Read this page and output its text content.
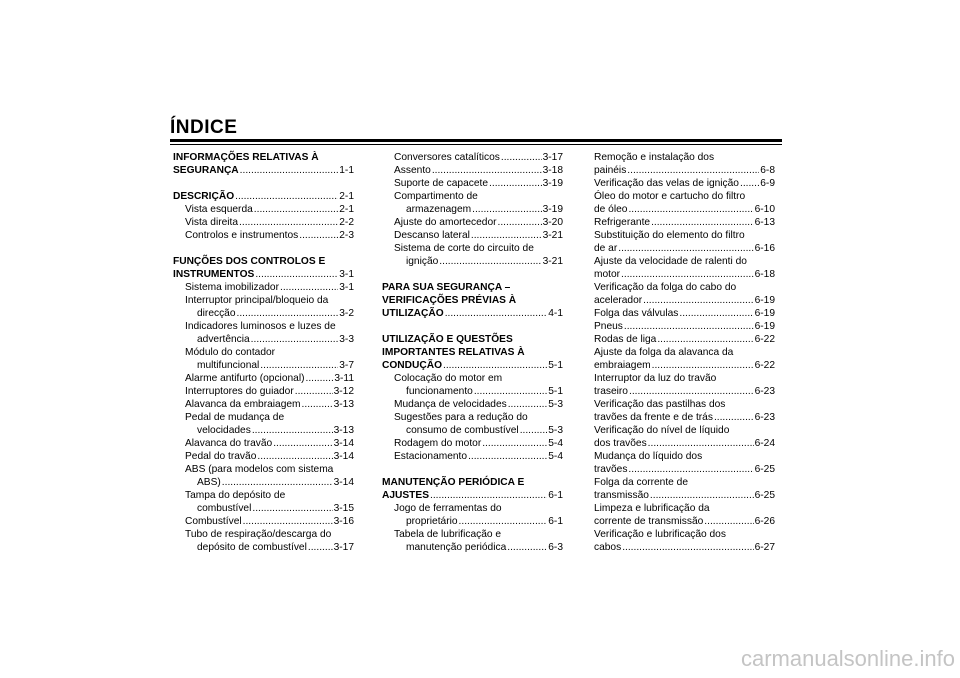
ÍNDICE
INFORMAÇÕES RELATIVAS À
SEGURANÇA .....	1-1
DESCRIÇÃO .....	2-1
Vista esquerda .....	2-1
Vista direita .....	2-2
Controlos e instrumentos .....	2-3
FUNÇÕES DOS CONTROLOS E
INSTRUMENTOS .....	3-1
Sistema imobilizador .....	3-1
Interruptor principal/bloqueio da
direcção .....	3-2
Indicadores luminosos e luzes de
advertência .....	3-3
Módulo do contador
multifuncional .....	3-7
Alarme antifurto (opcional) .....	3-11
Interruptores do guiador .....	3-12
Alavanca da embraiagem .....	3-13
Pedal de mudança de
velocidades .....	3-13
Alavanca do travão .....	3-14
Pedal do travão .....	3-14
ABS (para modelos com sistema
ABS) .....	3-14
Tampa do depósito de
combustível .....	3-15
Combustível .....	3-16
Tubo de respiração/descarga do
depósito de combustível .....	3-17
Conversores catalíticos .....	3-17
Assento .....	3-18
Suporte de capacete .....	3-19
Compartimento de
armazenagem .....	3-19
Ajuste do amortecedor .....	3-20
Descanso lateral .....	3-21
Sistema de corte do circuito de
ignição .....	3-21
PARA SUA SEGURANÇA –
VERIFICAÇÕES PRÉVIAS À
UTILIZAÇÃO .....	4-1
UTILIZAÇÃO E QUESTÕES
IMPORTANTES RELATIVAS À
CONDUÇÃO .....	5-1
Colocação do motor em
funcionamento .....	5-1
Mudança de velocidades .....	5-3
Sugestões para a redução do
consumo de combustível .....	5-3
Rodagem do motor .....	5-4
Estacionamento .....	5-4
MANUTENÇÃO PERIÓDICA E
AJUSTES .....	6-1
Jogo de ferramentas do
proprietário .....	6-1
Tabela de lubrificação e
manutenção periódica .....	6-3
Remoção e instalação dos
painéis .....	6-8
Verificação das velas de ignição ..... 6-9
Óleo do motor e cartucho do filtro
de óleo .....	6-10
Refrigerante .....	6-13
Substituição do elemento do filtro
de ar .....	6-16
Ajuste da velocidade de ralenti do
motor .....	6-18
Verificação da folga do cabo do
acelerador .....	6-19
Folga das válvulas .....	6-19
Pneus .....	6-19
Rodas de liga .....	6-22
Ajuste da folga da alavanca da
embraiagem .....	6-22
Interruptor da luz do travão
traseiro .....	6-23
Verificação das pastilhas dos
travões da frente e de trás .....	6-23
Verificação do nível de líquido
dos travões .....	6-24
Mudança do líquido dos
travões .....	6-25
Folga da corrente de
transmissão .....	6-25
Limpeza e lubrificação da
corrente de transmissão .....	6-26
Verificação e lubrificação dos
cabos .....	6-27
carmanualsonline.info
